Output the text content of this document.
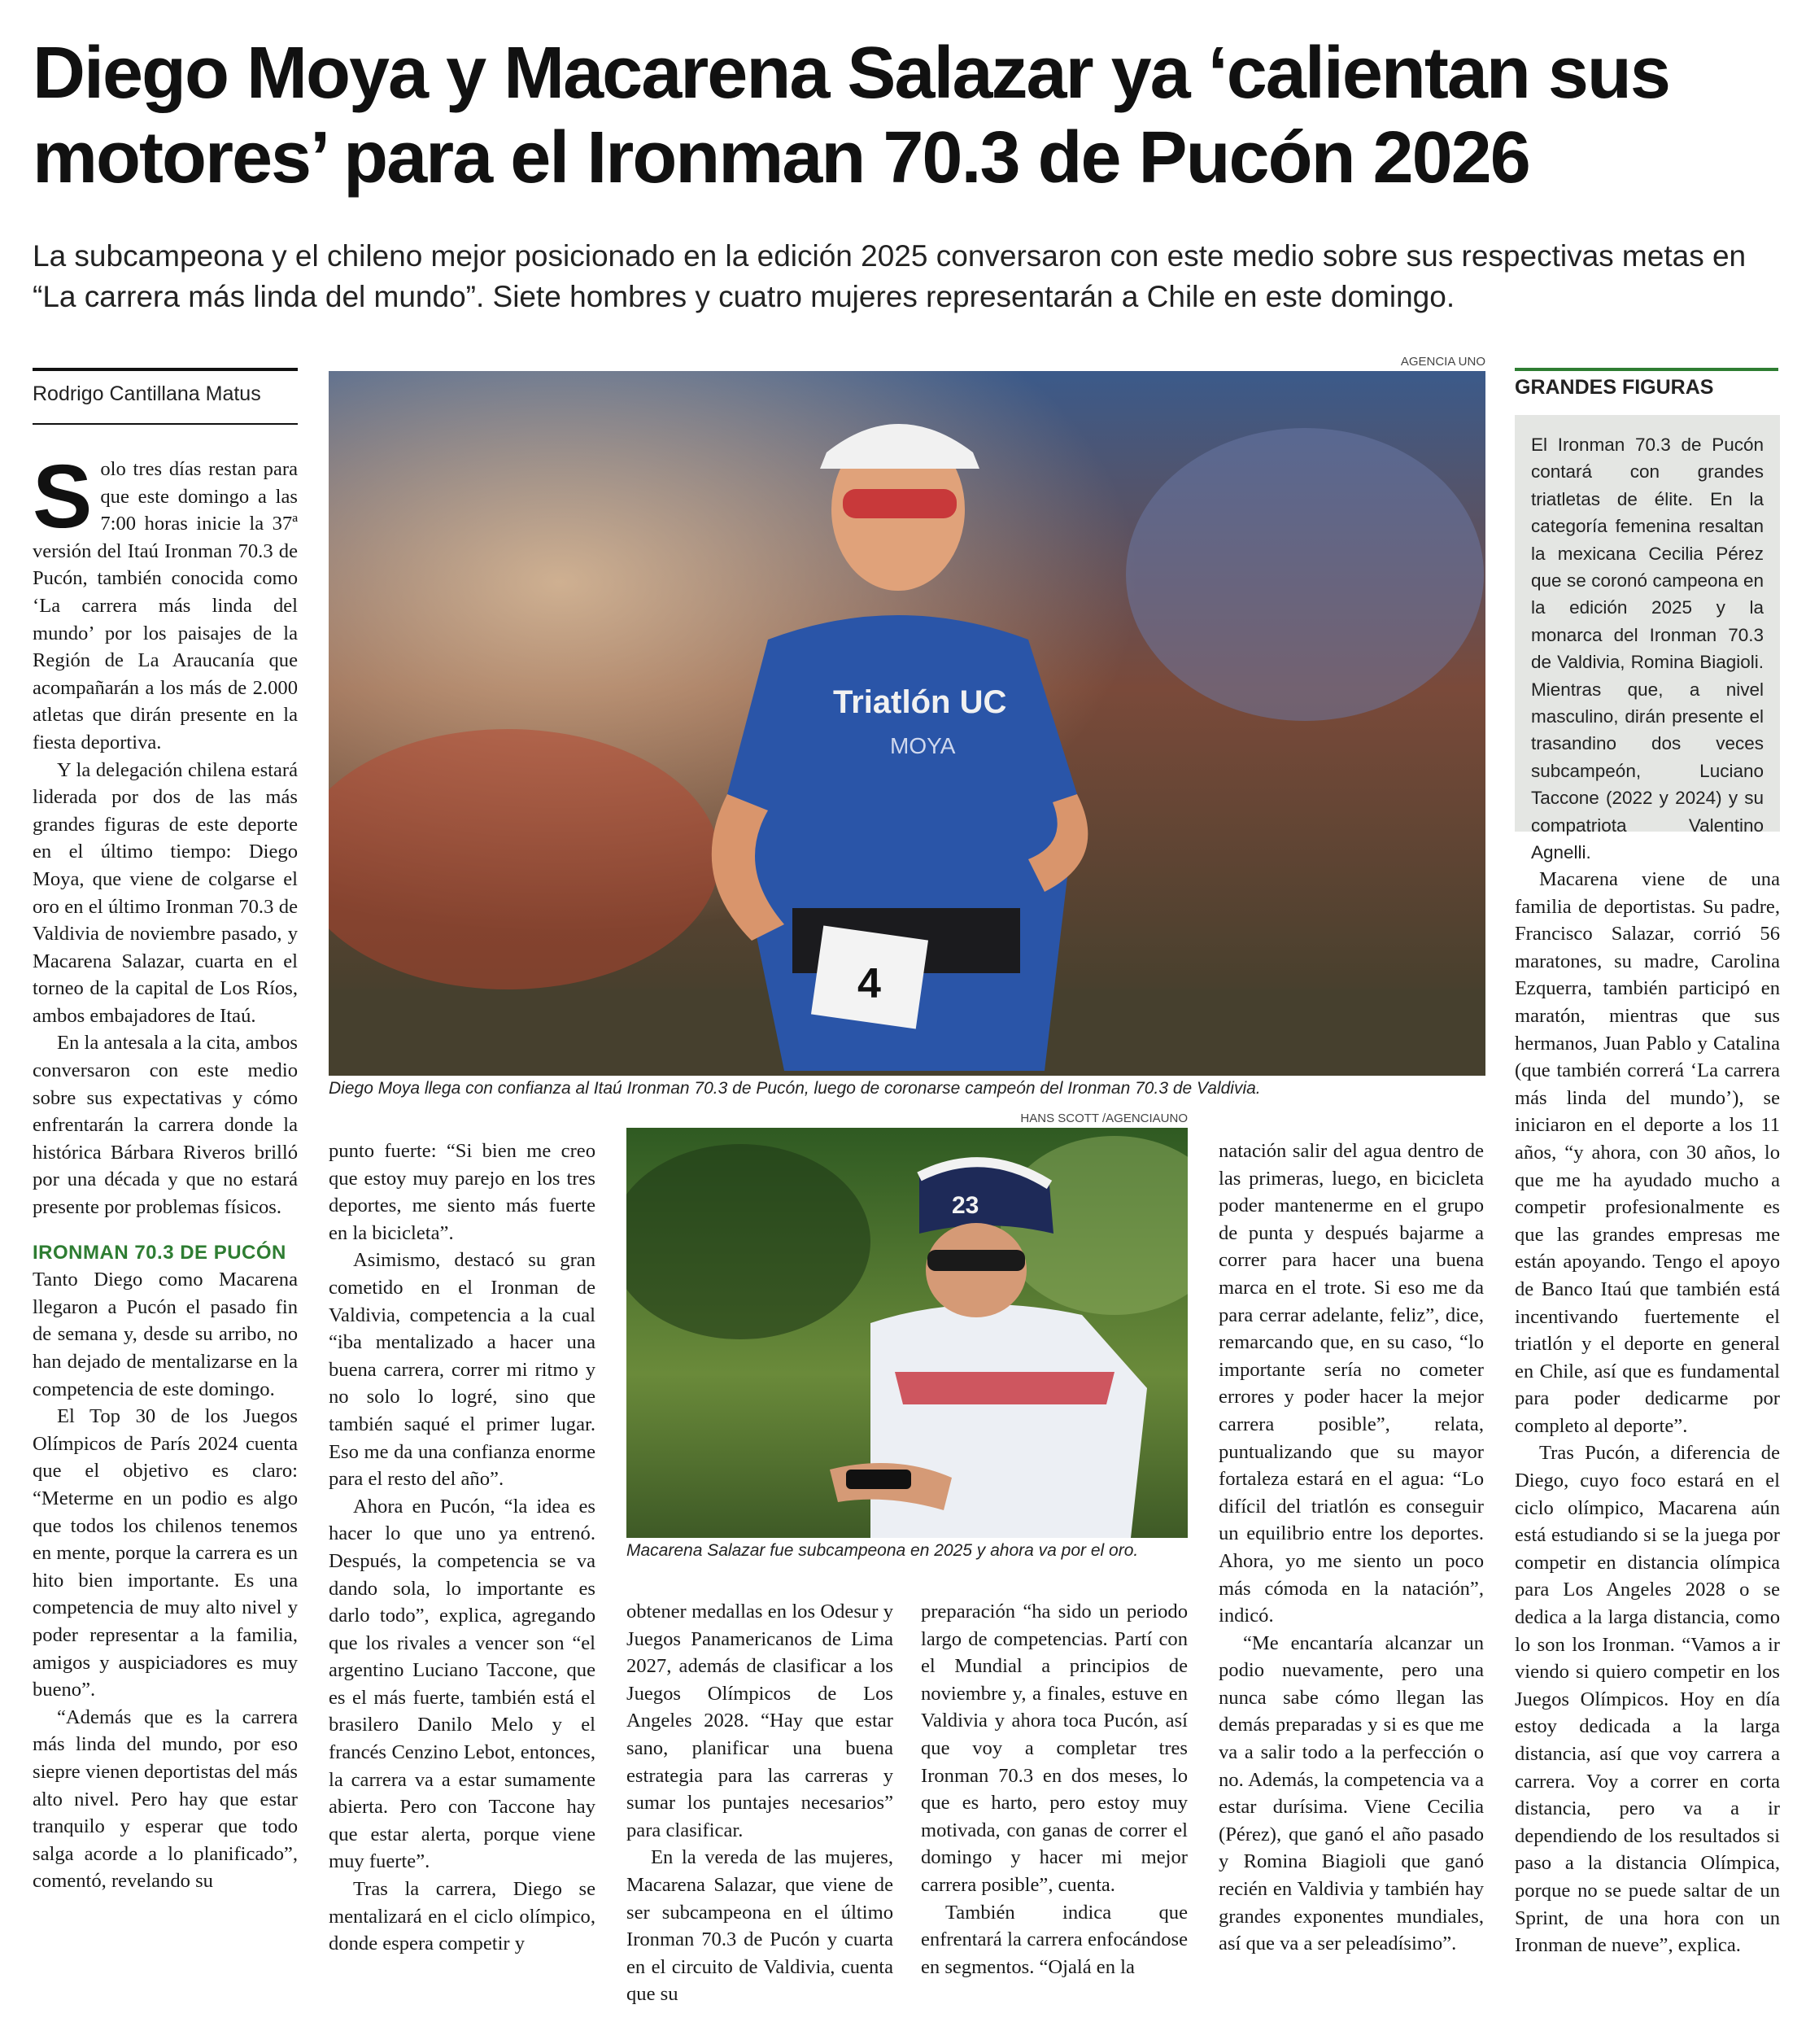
Diego Moya y Macarena Salazar ya ‘calientan sus motores’ para el Ironman 70.3 de Pucón 2026

La subcampeona y el chileno mejor posicionado en la edición 2025 conversaron con este medio sobre sus respectivas metas en “La carrera más linda del mundo”. Siete hombres y cuatro mujeres representarán a Chile en este domingo.

Rodrigo Cantillana Matus

Solo tres días restan para que este domingo a las 7:00 horas inicie la 37ª versión del Itaú Ironman 70.3 de Pucón, también conocida como ‘La carrera más linda del mundo’ por los paisajes de la Región de La Araucanía que acompañarán a los más de 2.000 atletas que dirán presente en la fiesta deportiva.

Y la delegación chilena estará liderada por dos de las más grandes figuras de este deporte en el último tiempo: Diego Moya, que viene de colgarse el oro en el último Ironman 70.3 de Valdivia de noviembre pasado, y Macarena Salazar, cuarta en el torneo de la capital de Los Ríos, ambos embajadores de Itaú.

En la antesala a la cita, ambos conversaron con este medio sobre sus expectativas y cómo enfrentarán la carrera donde la histórica Bárbara Riveros brilló por una década y que no estará presente por problemas físicos.

IRONMAN 70.3 DE PUCÓN

Tanto Diego como Macarena llegaron a Pucón el pasado fin de semana y, desde su arribo, no han dejado de mentalizarse en la competencia de este domingo.

El Top 30 de los Juegos Olímpicos de París 2024 cuenta que el objetivo es claro: “Meterme en un podio es algo que todos los chilenos tenemos en mente, porque la carrera es un hito bien importante. Es una competencia de muy alto nivel y poder representar a la familia, amigos y auspiciadores es muy bueno”.

“Además que es la carrera más linda del mundo, por eso siepre vienen deportistas del más alto nivel. Pero hay que estar tranquilo y esperar que todo salga acorde a lo planificado”, comentó, revelando su

AGENCIA UNO
4
Triatlón UC
MOYA
Diego Moya llega con confianza al Itaú Ironman 70.3 de Pucón, luego de coronarse campeón del Ironman 70.3 de Valdivia.
GRANDES FIGURAS
El Ironman 70.3 de Pucón contará con grandes triatletas de élite. En la categoría femenina resaltan la mexicana Cecilia Pérez que se coronó campeona en la edición 2025 y la monarca del Ironman 70.3 de Valdivia, Romina Biagioli. Mientras que, a nivel masculino, dirán presente el trasandino dos veces subcampeón, Luciano Taccone (2022 y 2024) y su compatriota Valentino Agnelli.

punto fuerte: “Si bien me creo que estoy muy parejo en los tres deportes, me siento más fuerte en la bicicleta”.

Asimismo, destacó su gran cometido en el Ironman de Valdivia, competencia a la cual “iba mentalizado a hacer una buena carrera, correr mi ritmo y no solo lo logré, sino que también saqué el primer lugar. Eso me da una confianza enorme para el resto del año”.

Ahora en Pucón, “la idea es hacer lo que uno ya entrenó. Después, la competencia se va dando sola, lo importante es darlo todo”, explica, agregando que los rivales a vencer son “el argentino Luciano Taccone, que es el más fuerte, también está el brasilero Danilo Melo y el francés Cenzino Lebot, entonces, la carrera va a estar sumamente abierta. Pero con Taccone hay que estar alerta, porque viene muy fuerte”.

Tras la carrera, Diego se mentalizará en el ciclo olímpico, donde espera competir y

HANS SCOTT /AGENCIAUNO
23
Macarena Salazar fue subcampeona en 2025 y ahora va por el oro.

obtener medallas en los Odesur y Juegos Panamericanos de Lima 2027, además de clasificar a los Juegos Olímpicos de Los Angeles 2028. “Hay que estar sano, planificar una buena estrategia para las carreras y sumar los puntajes necesarios” para clasificar.

En la vereda de las mujeres, Macarena Salazar, que viene de ser subcampeona en el último Ironman 70.3 de Pucón y cuarta en el circuito de Valdivia, cuenta que su

preparación “ha sido un periodo largo de competencias. Partí con el Mundial a principios de noviembre y, a finales, estuve en Valdivia y ahora toca Pucón, así que voy a completar tres Ironman 70.3 en dos meses, lo que es harto, pero estoy muy motivada, con ganas de correr el domingo y hacer mi mejor carrera posible”, cuenta.

También indica que enfrentará la carrera enfocándose en segmentos. “Ojalá en la

natación salir del agua dentro de las primeras, luego, en bicicleta poder mantenerme en el grupo de punta y después bajarme a correr para hacer una buena marca en el trote. Si eso me da para cerrar adelante, feliz”, dice, remarcando que, en su caso, “lo importante sería no cometer errores y poder hacer la mejor carrera posible”, relata, puntualizando que su mayor fortaleza estará en el agua: “Lo difícil del triatlón es conseguir un equilibrio entre los deportes. Ahora, yo me siento un poco más cómoda en la natación”, indicó.

“Me encantaría alcanzar un podio nuevamente, pero una nunca sabe cómo llegan las demás preparadas y si es que me va a salir todo a la perfección o no. Además, la competencia va a estar durísima. Viene Cecilia (Pérez), que ganó el año pasado y Romina Biagioli que ganó recién en Valdivia y también hay grandes exponentes mundiales, así que va a ser peleadísimo”.

Macarena viene de una familia de deportistas. Su padre, Francisco Salazar, corrió 56 maratones, su madre, Carolina Ezquerra, también participó en maratón, mientras que sus hermanos, Juan Pablo y Catalina (que también correrá ‘La carrera más linda del mundo’), se iniciaron en el deporte a los 11 años, “y ahora, con 30 años, lo que me ha ayudado mucho a competir profesionalmente es que las grandes empresas me están apoyando. Tengo el apoyo de Banco Itaú que también está incentivando fuertemente el triatlón y el deporte en general en Chile, así que es fundamental para poder dedicarme por completo al deporte”.

Tras Pucón, a diferencia de Diego, cuyo foco estará en el ciclo olímpico, Macarena aún está estudiando si se la juega por competir en distancia olímpica para Los Angeles 2028 o se dedica a la larga distancia, como lo son los Ironman. “Vamos a ir viendo si quiero competir en los Juegos Olímpicos. Hoy en día estoy dedicada a la larga distancia, así que voy carrera a carrera. Voy a correr en corta distancia, pero va a ir dependiendo de los resultados si paso a la distancia Olímpica, porque no se puede saltar de un Sprint, de una hora con un Ironman de nueve”, explica.
